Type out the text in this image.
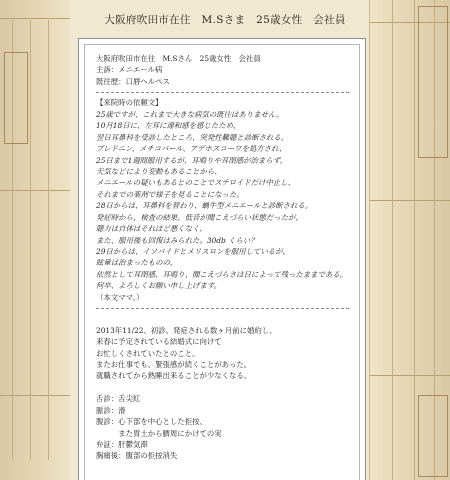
大阪府吹田市在住　M.Sさま　25歳女性　会社員
大阪府吹田市在住　M.Sさん　25歳女性　会社員
主訴：メニエール病
既往歴：口唇ヘルペス
【来院時の依頼文】
25歳ですが、これまで大きな病気の既往はありません。
10月18日に、左耳に違和感を感じたため、
翌日耳鼻科を受診したところ、突発性難聴と診断される。
プレドニン、メチコバール、アデホスコーワを処方され、
25日まで1週間服用するが、耳鳴りや耳閉感が治まらず、
天気などにより変動もあることから、
メニエールの疑いもあるとのことでステロイドだけ中止し、
それまでの薬剤で様子を見ることになった。
28日からは、耳鼻科を替わり、蝸牛型メニエールと診断される。
発症時から、検査の結果、低音が聞こえづらい状態だったが、
聴力は自体はそれほど悪くなく、
また、服用後も回復はみられた。30db くらい？
29日からは、イソバイドとメリスロンを服用しているが、
眩暈は治まったものの、
依然として耳閉感、耳鳴り、聞こえづらさは日によって残ったままである。
何卒、よろしくお願い申し上げます。
（本文ママ。）
2013年11/22、初診。発症される数ヶ月前に婚約し、
来春に予定されている結婚式に向けて
お忙しくされていたとのこと。
またお仕事でも、緊張感が続くことがあった。
就職されてから熟睡出来ることが少なくなる。
舌診：舌尖紅
脈診：滑
腹診：心下部を中心とした拒按、
　　　また胃土から臍周にかけての実
弁証：肝鬱気滞
胸痛後：腹部の拒按消失
